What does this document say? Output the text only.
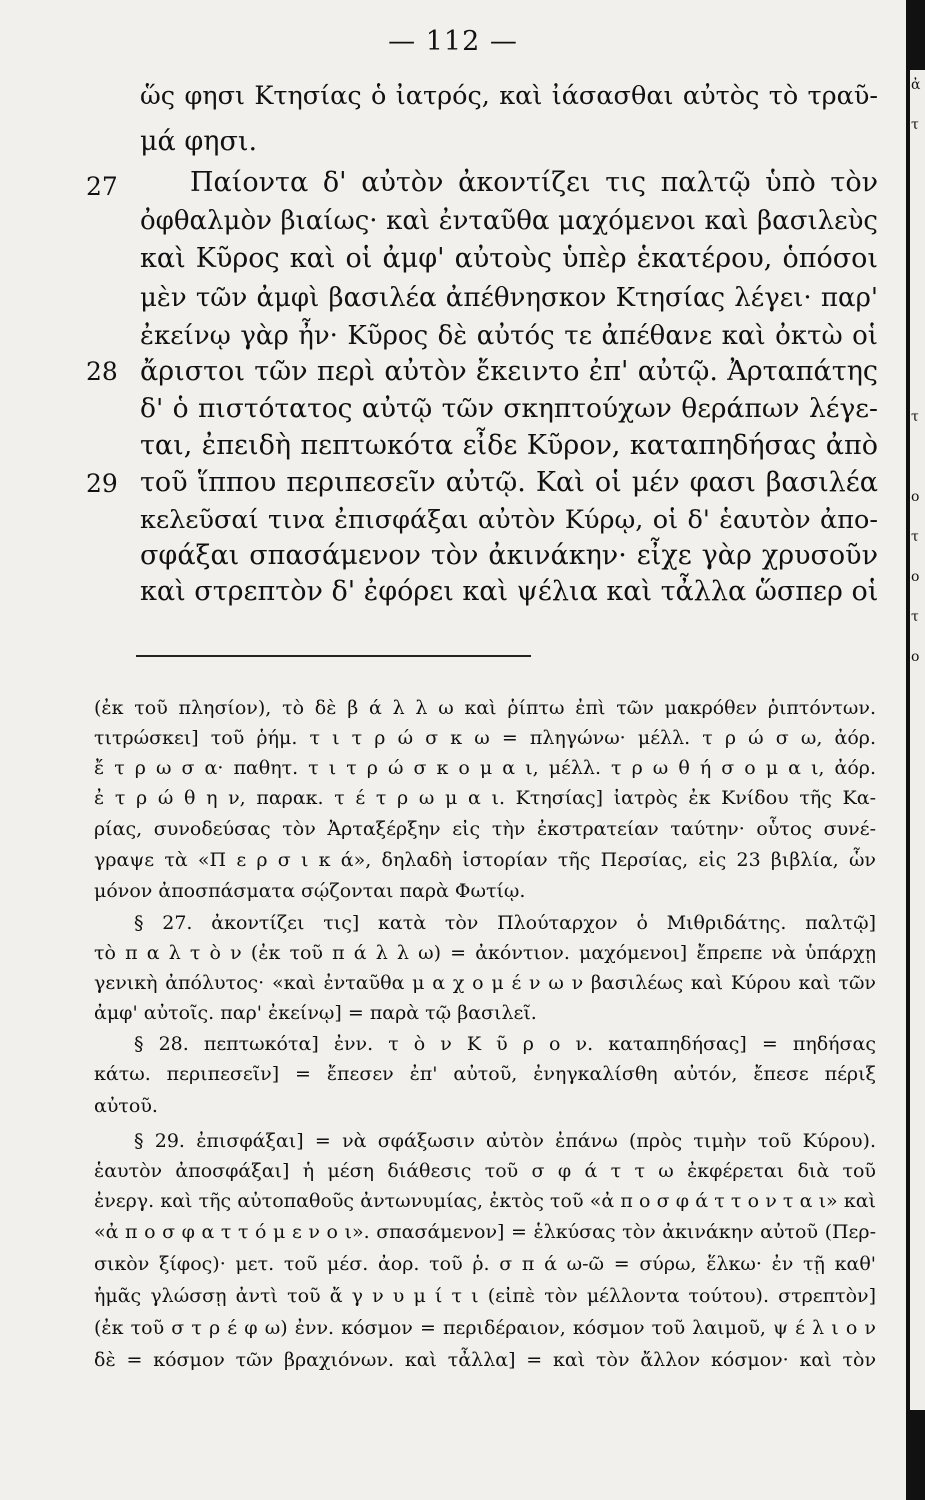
— 112 —
ὥς φησι Κτησίας ὁ ἰατρός, καὶ ἰάσασθαι αὐτὸς τὸ τραῦ-
μά φησι.
27	Παίοντα δ' αὐτὸν ἀκοντίζει τις παλτῷ ὑπὸ τὸν
ὀφθαλμὸν βιαίως· καὶ ἐνταῦθα μαχόμενοι καὶ βασιλεὺς
καὶ Κῦρος καὶ οἱ ἀμφ' αὐτοὺς ὑπὲρ ἑκατέρου, ὁπόσοι
μὲν τῶν ἀμφὶ βασιλέα ἀπέθνησκον Κτησίας λέγει· παρ'
ἐκείνῳ γὰρ ἦν· Κῦρος δὲ αὐτός τε ἀπέθανε καὶ ὀκτὼ οἱ
28 ἄριστοι τῶν περὶ αὐτὸν ἔκειντο ἐπ' αὐτῷ. Ἀρταπάτης
δ' ὁ πιστότατος αὐτῷ τῶν σκηπτούχων θεράπων λέγε-
ται, ἐπειδὴ πεπτωκότα εἶδε Κῦρον, καταπηδήσας ἀπὸ
29 τοῦ ἵππου περιπεσεῖν αὐτῷ. Καὶ οἱ μέν φασι βασιλέα
κελεῦσαί τινα ἐπισφάξαι αὐτὸν Κύρῳ, οἱ δ' ἑαυτὸν ἀπο-
σφάξαι σπασάμενον τὸν ἀκινάκην· εἶχε γὰρ χρυσοῦν
καὶ στρεπτὸν δ' ἐφόρει καὶ ψέλια καὶ τἆλλα ὥσπερ οἱ
(ἐκ τοῦ πλησίον), τὸ δὲ β ά λ λ ω καὶ ῥίπτω ἐπὶ τῶν μακρόθεν ῥιπτόντων.
τιτρώσκει] τοῦ ῥήμ. τ ι τ ρ ώ σ κ ω = πληγώνω· μέλλ. τ ρ ώ σ ω, ἀόρ.
ἔ τ ρ ω σ α· παθητ. τ ι τ ρ ώ σ κ ο μ α ι, μέλλ. τ ρ ω θ ή σ ο μ α ι, ἀόρ.
ἐ τ ρ ώ θ η ν, παρακ. τ έ τ ρ ω μ α ι. Κτησίας] ἰατρὸς ἐκ Κνίδου τῆς Κα-
ρίας, συνοδεύσας τὸν Ἀρταξέρξην εἰς τὴν ἐκστρατείαν ταύτην· οὗτος συνέ-
γραψε τὰ «Π ε ρ σ ι κ ά», δηλαδὴ ἱστορίαν τῆς Περσίας, εἰς 23 βιβλία, ὧν
μόνον ἀποσπάσματα σῴζονται παρὰ Φωτίῳ.
§ 27. ἀκοντίζει τις] κατὰ τὸν Πλούταρχον ὁ Μιθριδάτης. παλτῷ]
τὸ π α λ τ ὸ ν (ἐκ τοῦ π ά λ λ ω) = ἀκόντιον. μαχόμενοι] ἔπρεπε νὰ ὑπάρχῃ
γενικὴ ἀπόλυτος· «καὶ ἐνταῦθα μ α χ ο μ έ ν ω ν βασιλέως καὶ Κύρου καὶ τῶν
ἀμφ' αὐτοῖς. παρ' ἐκείνῳ] = παρὰ τῷ βασιλεῖ.
§ 28. πεπτωκότα] ἐνν. τ ὸ ν Κ ῦ ρ ο ν. καταπηδήσας] = πηδήσας
κάτω. περιπεσεῖν] = ἔπεσεν ἐπ' αὐτοῦ, ἐνηγκαλίσθη αὐτόν, ἔπεσε πέριξ
αὐτοῦ.
§ 29. ἐπισφάξαι] = νὰ σφάξωσιν αὐτὸν ἐπάνω (πρὸς τιμὴν τοῦ Κύρου).
ἑαυτὸν ἀποσφάξαι] ἡ μέση διάθεσις τοῦ σ φ ά τ τ ω ἐκφέρεται διὰ τοῦ
ἐνεργ. καὶ τῆς αὐτοπαθοῦς ἀντωνυμίας, ἐκτὸς τοῦ «ἀ π ο σ φ ά τ τ ο ν τ α ι» καὶ
«ἀ π ο σ φ α τ τ ό μ ε ν ο ι». σπασάμενον] = ἑλκύσας τὸν ἀκινάκην αὐτοῦ (Περ-
σικὸν ξίφος)· μετ. τοῦ μέσ. ἀορ. τοῦ ῥ. σ π ά ω-ῶ = σύρω, ἕλκω· ἐν τῇ καθ'
ἡμᾶς γλώσσῃ ἀντὶ τοῦ ἄ γ ν υ μ ί τ ι (εἰπὲ τὸν μέλλοντα τούτου). στρεπτὸν]
(ἐκ τοῦ σ τ ρ έ φ ω) ἐνν. κόσμον = περιδέραιον, κόσμον τοῦ λαιμοῦ, ψ έ λ ι ο ν
δὲ = κόσμον τῶν βραχιόνων. καὶ τἆλλα] = καὶ τὸν ἄλλον κόσμον· καὶ τὸν
ἀ
τ
τ
ο
τ
ο
τ
ο
